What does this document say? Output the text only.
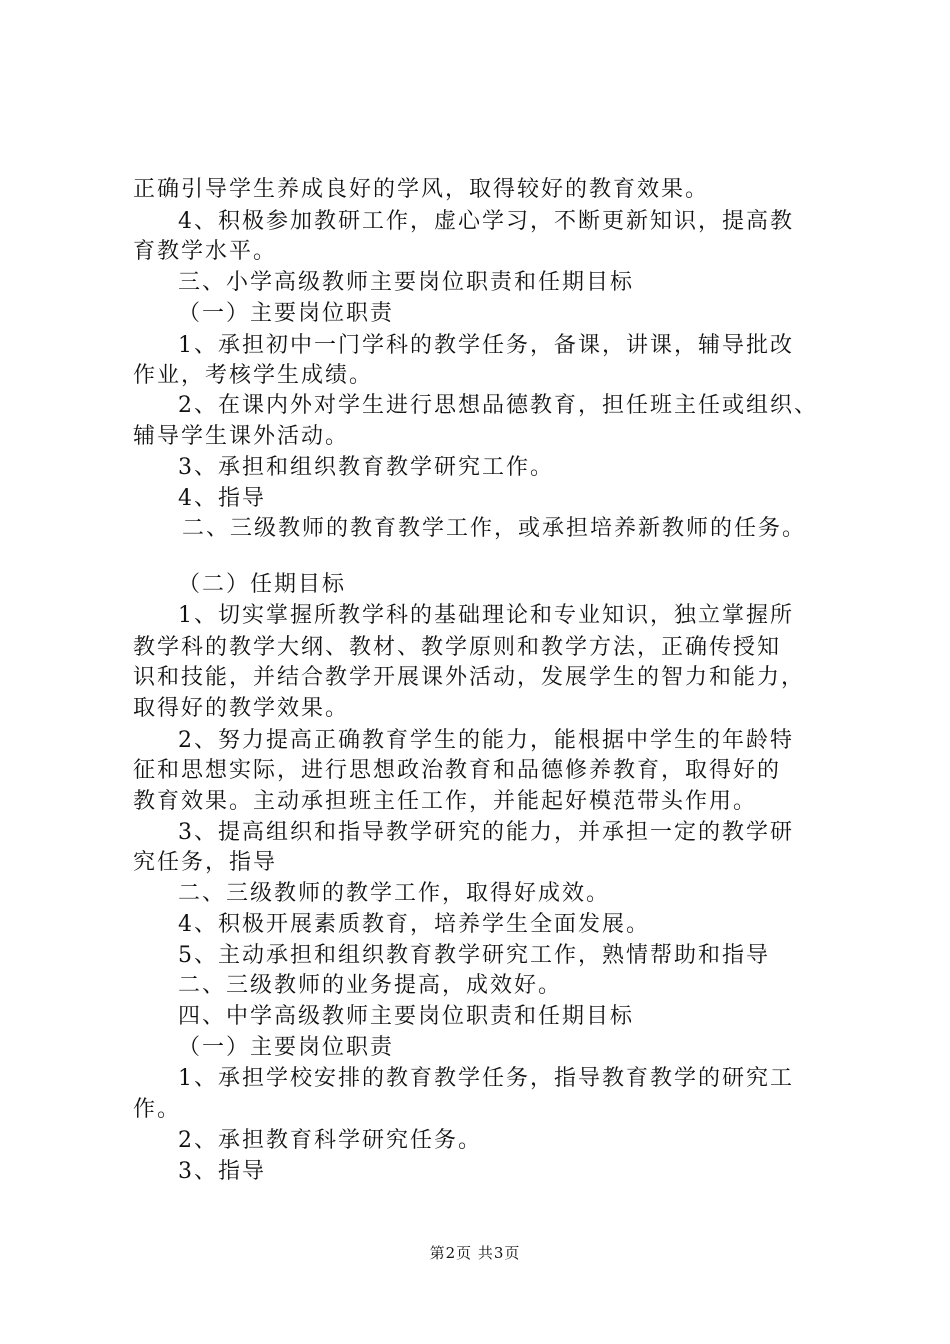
正确引导学生养成良好的学风，取得较好的教育效果。
4、积极参加教研工作，虚心学习，不断更新知识，提高教
育教学水平。
三、小学高级教师主要岗位职责和任期目标
（一）主要岗位职责
1、承担初中一门学科的教学任务，备课，讲课，辅导批改
作业，考核学生成绩。
2、在课内外对学生进行思想品德教育，担任班主任或组织、
辅导学生课外活动。
3、承担和组织教育教学研究工作。
4、指导
二、三级教师的教育教学工作，或承担培养新教师的任务。
（二）任期目标
1、切实掌握所教学科的基础理论和专业知识，独立掌握所
教学科的教学大纲、教材、教学原则和教学方法，正确传授知
识和技能，并结合教学开展课外活动，发展学生的智力和能力，
取得好的教学效果。
2、努力提高正确教育学生的能力，能根据中学生的年龄特
征和思想实际，进行思想政治教育和品德修养教育，取得好的
教育效果。主动承担班主任工作，并能起好模范带头作用。
3、提高组织和指导教学研究的能力，并承担一定的教学研
究任务，指导
二、三级教师的教学工作，取得好成效。
4、积极开展素质教育，培养学生全面发展。
5、主动承担和组织教育教学研究工作，熟情帮助和指导
二、三级教师的业务提高，成效好。
四、中学高级教师主要岗位职责和任期目标
（一）主要岗位职责
1、承担学校安排的教育教学任务，指导教育教学的研究工
作。
2、承担教育科学研究任务。
3、指导
第2页 共3页
